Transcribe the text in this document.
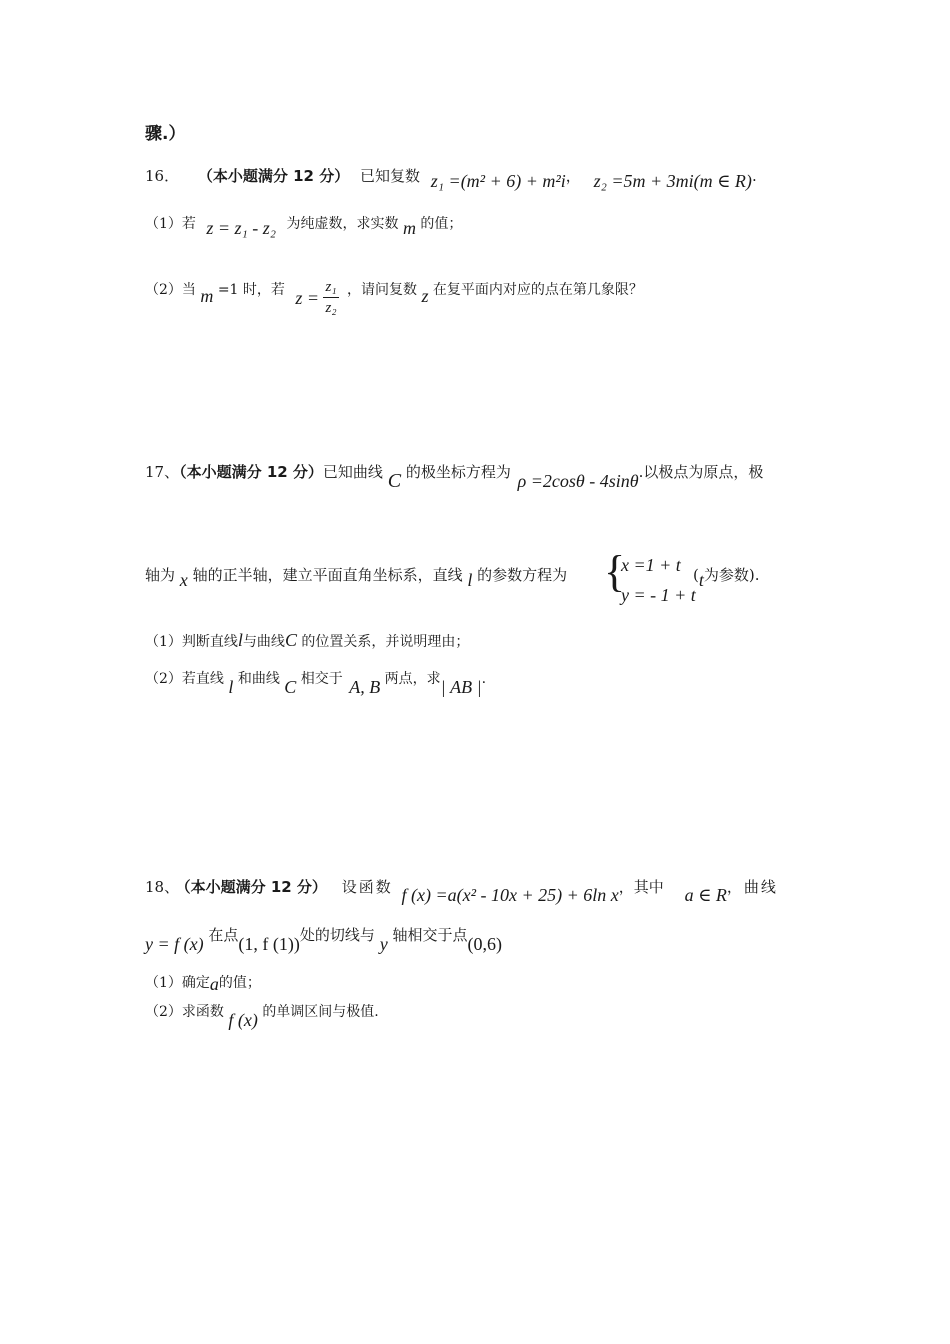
骤.）
16． （本小题满分 12 分） 已知复数 z₁ =(m² + 6) + m²i， z₂ =5m + 3mi(m ∈ R).
（1）若 z = z₁ - z₂ 为纯虚数，求实数 m 的值；
（2）当 m =1 时，若 $z = \frac{\text{z₁}}{\text{z₂}}$ ，请问复数 z 在复平面内对应的点在第几象限？
17、（本小题满分 12 分）已知曲线 C 的极坐标方程为 ρ =2cosθ - 4sinθ.以极点为原点，极
轴为 x 轴的正半轴，建立平面直角坐标系，直线 l 的参数方程为 {
x =1 + t
y = - 1 + t
(t为参数).
（1）判断直线l与曲线C 的位置关系，并说明理由；
（2）若直线 l 和曲线 C 相交于 A, B 两点，求| AB |.
18、 （本小题满分 12 分） 设函数 f (x) =a(x² - 10x + 25) + 6ln x，其中 a ∈ R，曲线
y = f (x) 在点(1, f (1))处的切线与 y 轴相交于点(0,6)
（1）确定a的值；
（2）求函数 f (x) 的单调区间与极值.
